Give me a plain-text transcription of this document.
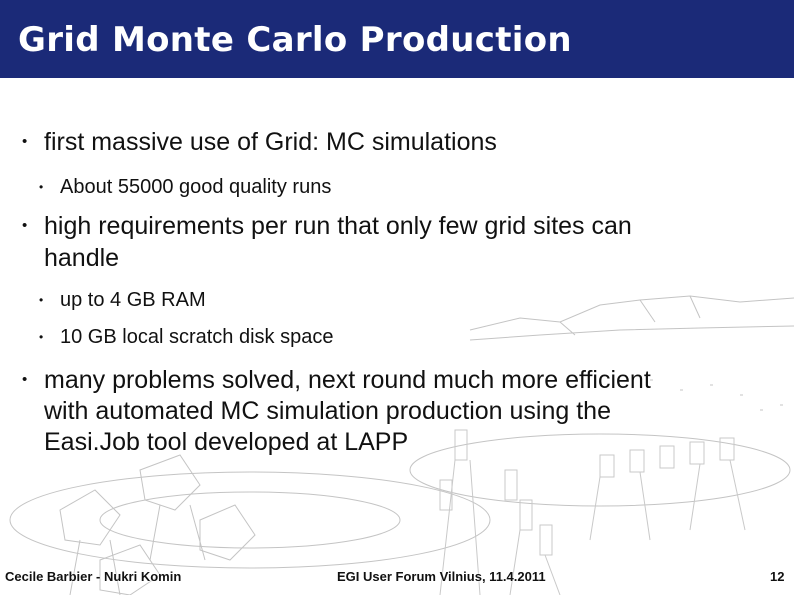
Grid Monte Carlo Production
• first massive use of Grid: MC simulations
• About 55000 good quality runs
• high requirements per run that only few grid sites can
handle
• up to 4 GB RAM
• 10 GB local scratch disk space
• many problems solved, next round much more efficient
with automated MC simulation production using the
Easi.Job tool developed at LAPP
Cecile Barbier - Nukri Komin	EGI User Forum Vilnius, 11.4.2011	12
